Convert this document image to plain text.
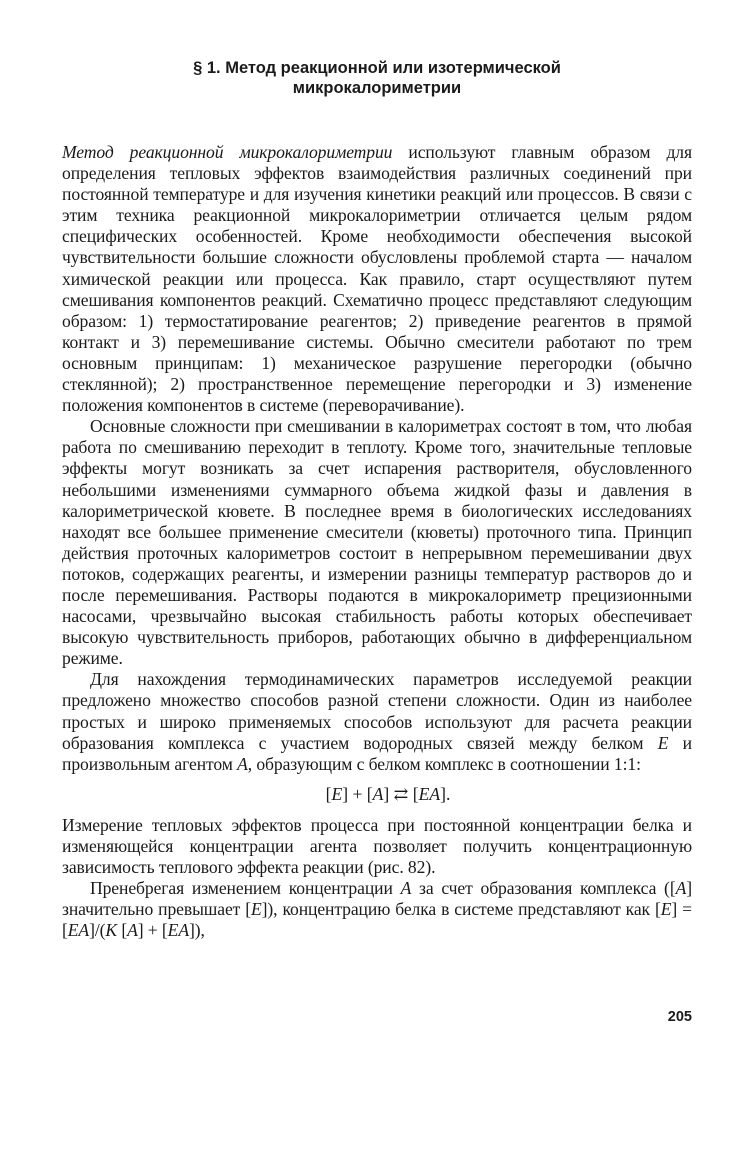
§ 1. Метод реакционной или изотермической
микрокалориметрии

Метод реакционной микрокалориметрии используют главным образом для определения тепловых эффектов взаимодействия различных соединений при постоянной температуре и для изучения кинетики реакций или процессов. В связи с этим техника реакционной микрокалориметрии отличается целым рядом специфических особенностей. Кроме необходимости обеспечения высокой чувствительности большие сложности обусловлены проблемой старта — началом химической реакции или процесса. Как правило, старт осуществляют путем смешивания компонентов реакций. Схематично процесс представляют следующим образом: 1) термостатирование реагентов; 2) приведение реагентов в прямой контакт и 3) перемешивание системы. Обычно смесители работают по трем основным принципам: 1) механическое разрушение перегородки (обычно стеклянной); 2) пространственное перемещение перегородки и 3) изменение положения компонентов в системе (переворачивание).

Основные сложности при смешивании в калориметрах состоят в том, что любая работа по смешиванию переходит в теплоту. Кроме того, значительные тепловые эффекты могут возникать за счет испарения растворителя, обусловленного небольшими изменениями суммарного объема жидкой фазы и давления в калориметрической кювете. В последнее время в биологических исследованиях находят все большее применение смесители (кюветы) проточного типа. Принцип действия проточных калориметров состоит в непрерывном перемешивании двух потоков, содержащих реагенты, и измерении разницы температур растворов до и после перемешивания. Растворы подаются в микрокалориметр прецизионными насосами, чрезвычайно высокая стабильность работы которых обеспечивает высокую чувствительность приборов, работающих обычно в дифференциальном режиме.

Для нахождения термодинамических параметров исследуемой реакции предложено множество способов разной степени сложности. Один из наиболее простых и широко применяемых способов используют для расчета реакции образования комплекса с участием водородных связей между белком E и произвольным агентом A, образующим с белком комплекс в соотношении 1:1:

[E] + [A] ⇄ [EA].

Измерение тепловых эффектов процесса при постоянной концентрации белка и изменяющейся концентрации агента позволяет получить концентрационную зависимость теплового эффекта реакции (рис. 82).

Пренебрегая изменением концентрации A за счет образования комплекса ([A] значительно превышает [E]), концентрацию белка в системе представляют как [E] = [EA]/(K [A] + [EA]),

205
